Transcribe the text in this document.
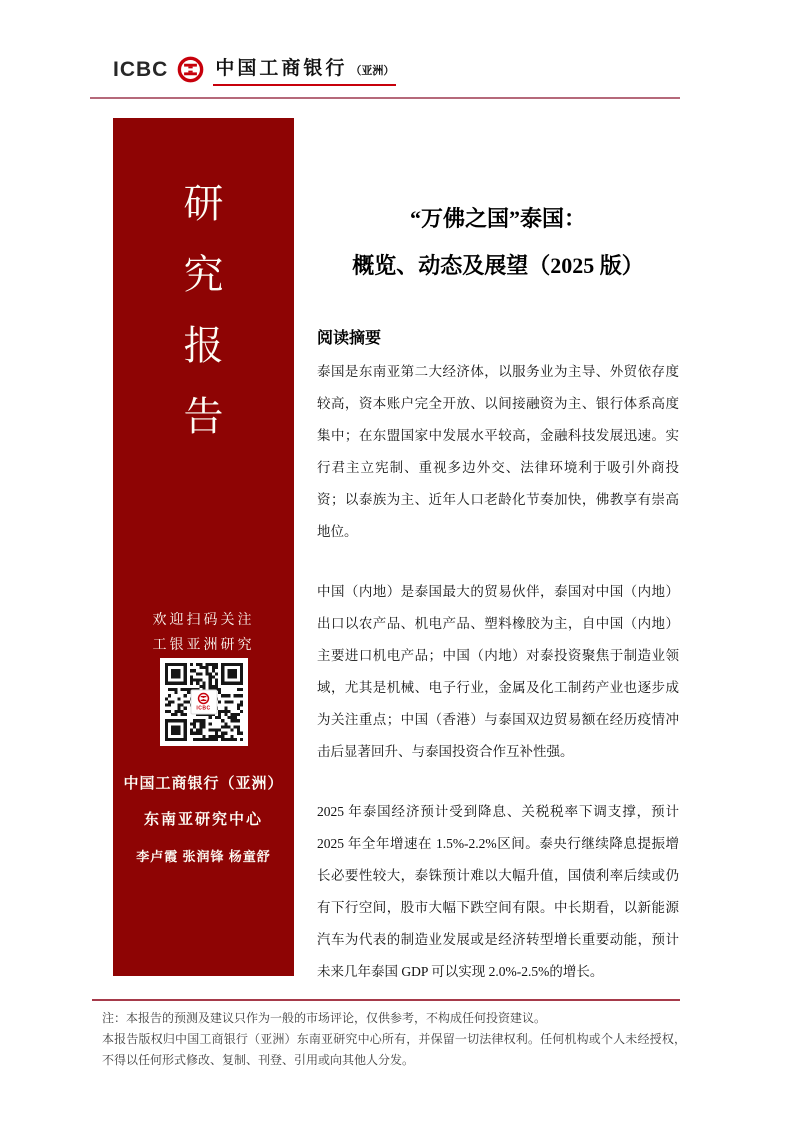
ICBC 中国工商银行 （亚洲）
研
究
报
告
欢迎扫码关注
工银亚洲研究
ICBC
中国工商银行（亚洲）
东南亚研究中心
李卢霞 张润锋 杨童舒
“万佛之国”泰国：
概览、动态及展望（2025 版）
阅读摘要

泰国是东南亚第二大经济体，以服务业为主导、外贸依存度较高，资本账户完全开放、以间接融资为主、银行体系高度集中；在东盟国家中发展水平较高，金融科技发展迅速。实行君主立宪制、重视多边外交、法律环境利于吸引外商投资；以泰族为主、近年人口老龄化节奏加快，佛教享有崇高地位。

中国（内地）是泰国最大的贸易伙伴，泰国对中国（内地）出口以农产品、机电产品、塑料橡胶为主，自中国（内地）主要进口机电产品；中国（内地）对泰投资聚焦于制造业领域，尤其是机械、电子行业，金属及化工制药产业也逐步成为关注重点；中国（香港）与泰国双边贸易额在经历疫情冲击后显著回升、与泰国投资合作互补性强。

2025 年泰国经济预计受到降息、关税税率下调支撑，预计 2025 年全年增速在 1.5%-2.2%区间。泰央行继续降息提振增长必要性较大，泰铢预计难以大幅升值，国债利率后续或仍有下行空间，股市大幅下跌空间有限。中长期看，以新能源汽车为代表的制造业发展或是经济转型增长重要动能，预计未来几年泰国 GDP 可以实现 2.0%-2.5%的增长。

注：本报告的预测及建议只作为一般的市场评论，仅供参考，不构成任何投资建议。

本报告版权归中国工商银行（亚洲）东南亚研究中心所有，并保留一切法律权利。任何机构或个人未经授权，不得以任何形式修改、复制、刊登、引用或向其他人分发。
